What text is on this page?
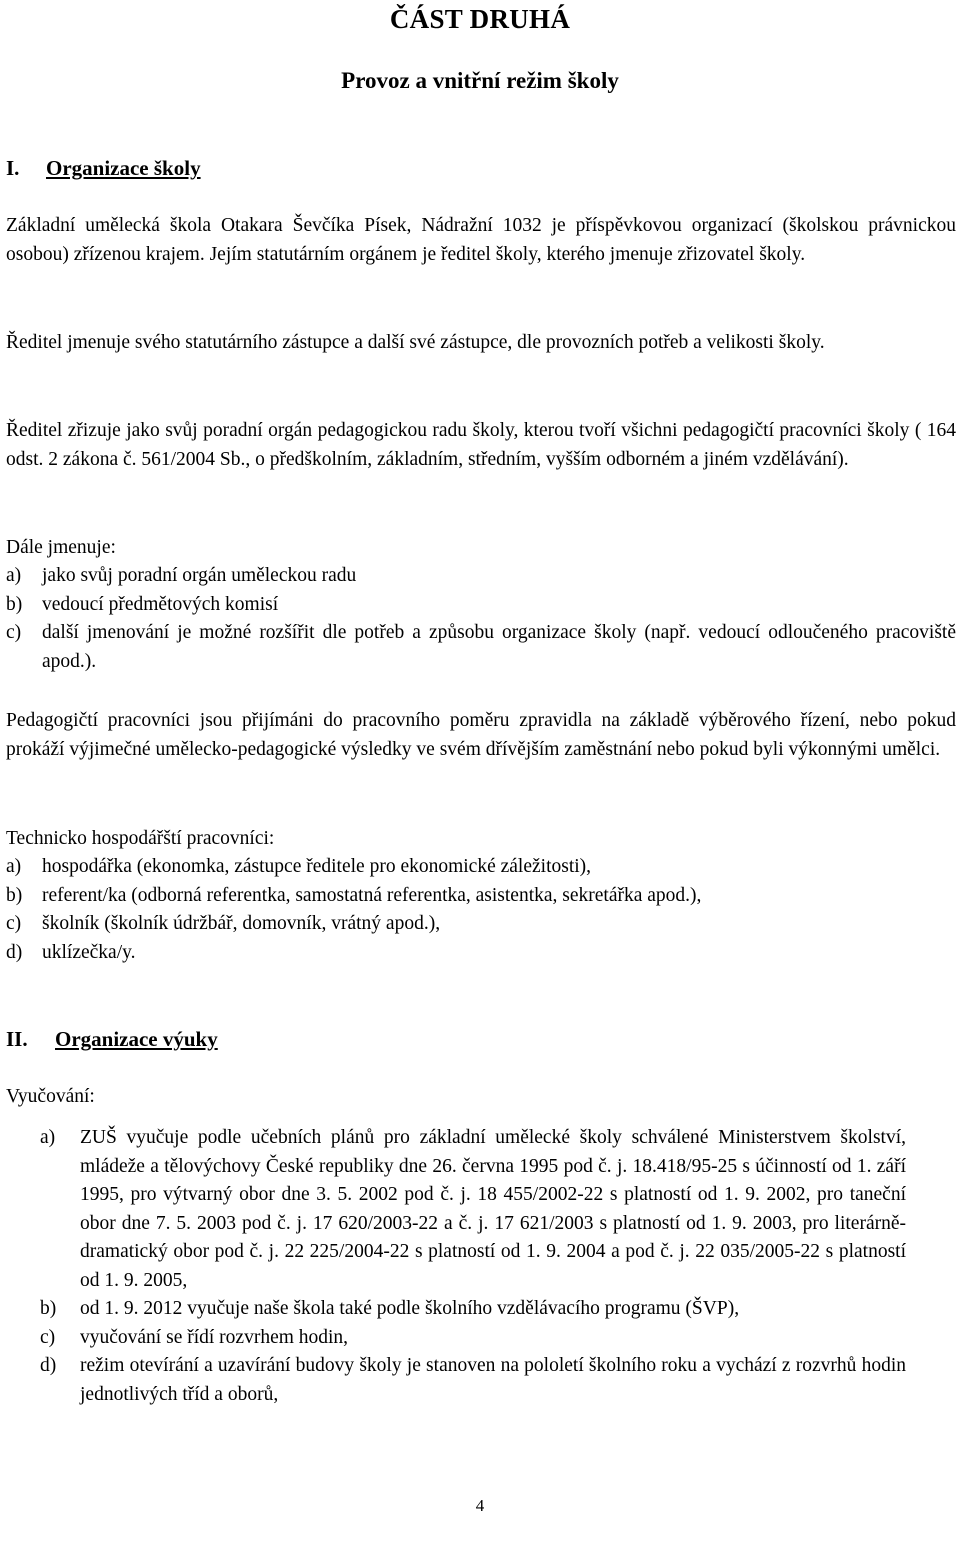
ČÁST DRUHÁ
Provoz a vnitřní režim školy
I. Organizace školy

Základní umělecká škola Otakara Ševčíka Písek, Nádražní 1032 je příspěvkovou organizací (školskou právnickou osobou) zřízenou krajem. Jejím statutárním orgánem je ředitel školy, kterého jmenuje zřizovatel školy.

Ředitel jmenuje svého statutárního zástupce a další své zástupce, dle provozních potřeb a velikosti školy.

Ředitel zřizuje jako svůj poradní orgán pedagogickou radu školy, kterou tvoří všichni pedagogičtí pracovníci školy ( 164 odst. 2 zákona č. 561/2004 Sb., o předškolním, základním, středním, vyšším odborném a jiném vzdělávání).

Dále jmenuje:

a) jako svůj poradní orgán uměleckou radu
b) vedoucí předmětových komisí
c) další jmenování je možné rozšířit dle potřeb a způsobu organizace školy (např. vedoucí odloučeného pracoviště apod.).

Pedagogičtí pracovníci jsou přijímáni do pracovního poměru zpravidla na základě výběrového řízení, nebo pokud prokáží výjimečné umělecko-pedagogické výsledky ve svém dřívějším zaměstnání nebo pokud byli výkonnými umělci.

Technicko hospodářští pracovníci:

a) hospodářka (ekonomka, zástupce ředitele pro ekonomické záležitosti),
b) referent/ka (odborná referentka, samostatná referentka, asistentka, sekretářka apod.),
c) školník (školník údržbář, domovník, vrátný apod.),
d) uklízečka/y.
II. Organizace výuky

Vyučování:

a) ZUŠ vyučuje podle učebních plánů pro základní umělecké školy schválené Ministerstvem školství, mládeže a tělovýchovy České republiky dne 26. června 1995 pod č. j. 18.418/95-25 s účinností od 1. září 1995, pro výtvarný obor dne 3. 5. 2002 pod č. j. 18 455/2002-22 s platností od 1. 9. 2002, pro taneční obor dne 7. 5. 2003 pod č. j. 17 620/2003-22 a č. j. 17 621/2003 s platností od 1. 9. 2003, pro literárně-dramatický obor pod č. j. 22 225/2004-22 s platností od 1. 9. 2004 a pod č. j. 22 035/2005-22 s platností od 1. 9. 2005,
b) od 1. 9. 2012 vyučuje naše škola také podle školního vzdělávacího programu (ŠVP),
c) vyučování se řídí rozvrhem hodin,
d) režim otevírání a uzavírání budovy školy je stanoven na pololetí školního roku a vychází z rozvrhů hodin jednotlivých tříd a oborů,
4
